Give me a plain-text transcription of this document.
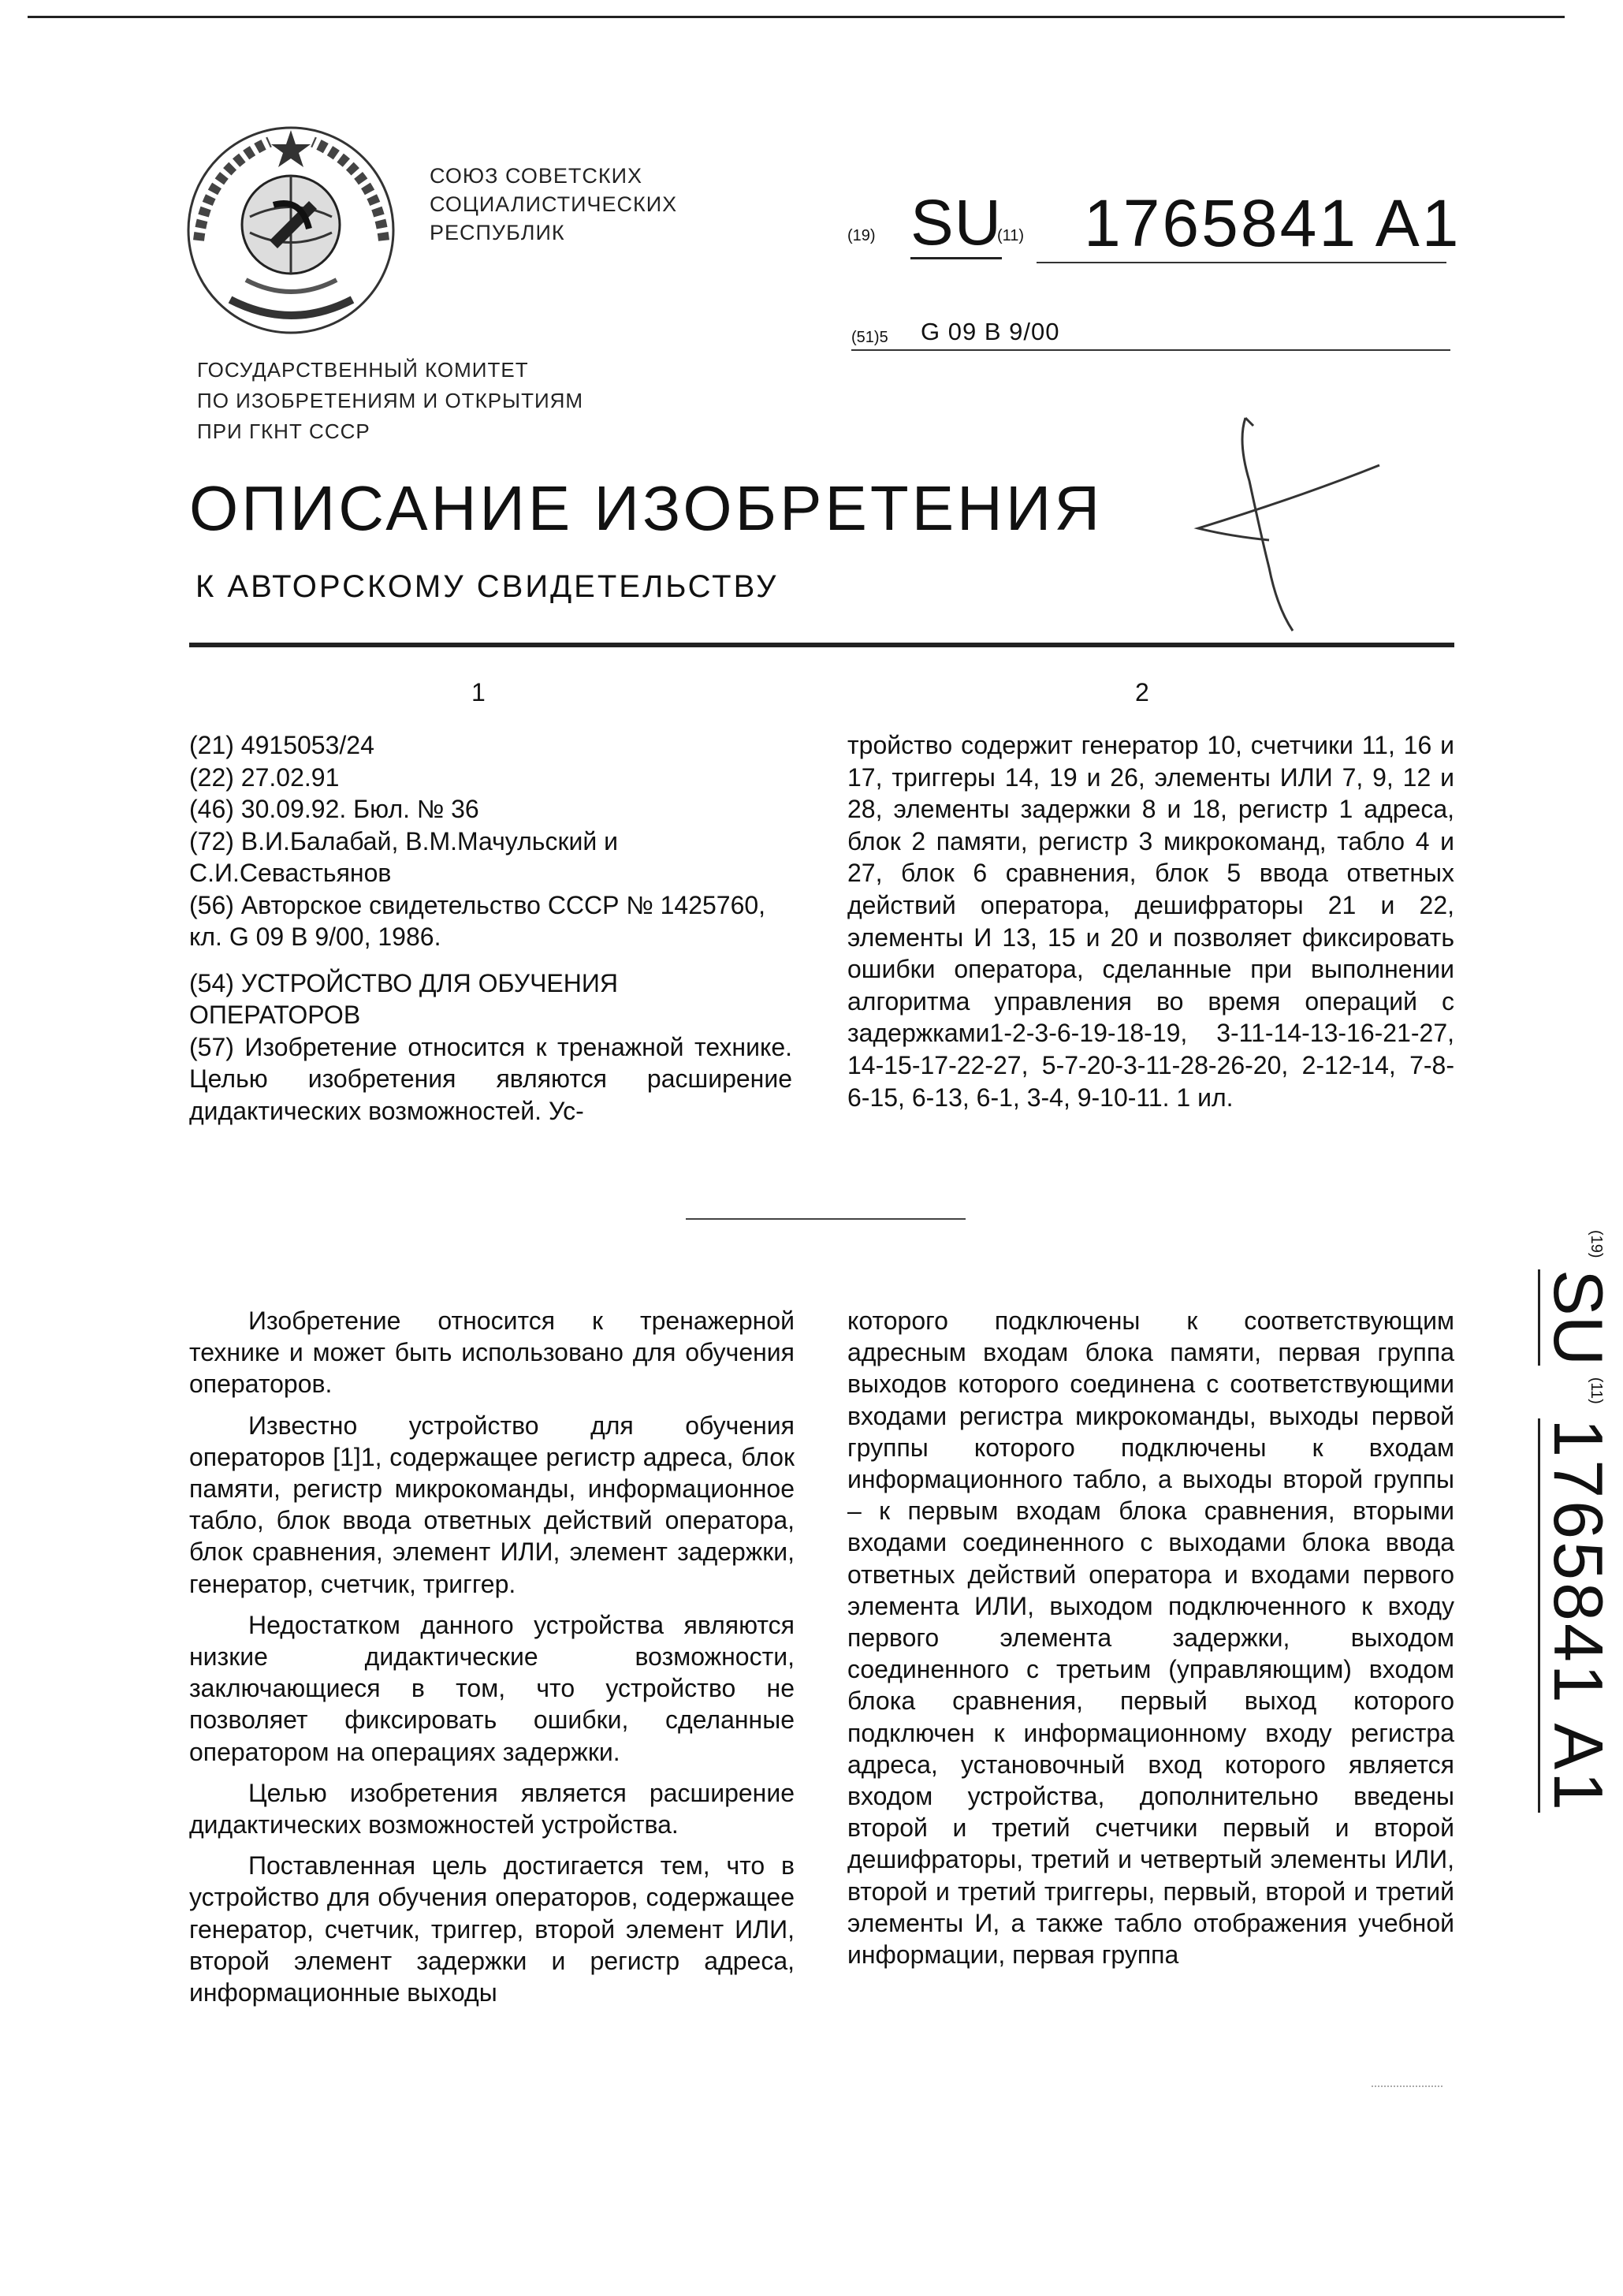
СОЮЗ СОВЕТСКИХ
СОЦИАЛИСТИЧЕСКИХ
РЕСПУБЛИК	(19) SU
(11) 1765841 A1
(51)5 G 09 B 9/00
ГОСУДАРСТВЕННЫЙ КОМИТЕТ
ПО ИЗОБРЕТЕНИЯМ И ОТКРЫТИЯМ
ПРИ ГКНТ СССР
ОПИСАНИЕ ИЗОБРЕТЕНИЯ
К АВТОРСКОМУ СВИДЕТЕЛЬСТВУ
1	2

(21) 4915053/24

(22) 27.02.91

(46) 30.09.92. Бюл. № 36

(72) В.И.Балабай, В.М.Мачульский и С.И.Севастьянов

(56) Авторское свидетельство СССР № 1425760, кл. G 09 B 9/00, 1986.

(54) УСТРОЙСТВО ДЛЯ ОБУЧЕНИЯ ОПЕРАТОРОВ

(57) Изобретение относится к тренажной технике. Целью изобретения являются расширение дидактических возможностей. Ус-

тройство содержит генератор 10, счетчики 11, 16 и 17, триггеры 14, 19 и 26, элементы ИЛИ 7, 9, 12 и 28, элементы задержки 8 и 18, регистр 1 адреса, блок 2 памяти, регистр 3 микрокоманд, табло 4 и 27, блок 6 сравнения, блок 5 ввода ответных действий оператора, дешифраторы 21 и 22, элементы И 13, 15 и 20 и позволяет фиксировать ошибки оператора, сделанные при выполнении алгоритма управления во время операций с задержками1-2-3-6-19-18-19, 3-11-14-13-16-21-27, 14-15-17-22-27, 5-7-20-3-11-28-26-20, 2-12-14, 7-8-6-15, 6-13, 6-1, 3-4, 9-10-11. 1 ил.

Изобретение относится к тренажерной технике и может быть использовано для обучения операторов.

Известно устройство для обучения операторов [1]1, содержащее регистр адреса, блок памяти, регистр микрокоманды, информационное табло, блок ввода ответных действий оператора, блок сравнения, элемент ИЛИ, элемент задержки, генератор, счетчик, триггер.

Недостатком данного устройства являются низкие дидактические возможности, заключающиеся в том, что устройство не позволяет фиксировать ошибки, сделанные оператором на операциях задержки.

Целью изобретения является расширение дидактических возможностей устройства.

Поставленная цель достигается тем, что в устройство для обучения операторов, содержащее генератор, счетчик, триггер, второй элемент ИЛИ, второй элемент задержки и регистр адреса, информационные выходы

которого подключены к соответствующим адресным входам блока памяти, первая группа выходов которого соединена с соответствующими входами регистра микрокоманды, выходы первой группы которого подключены к входам информационного табло, а выходы второй группы – к первым входам блока сравнения, вторыми входами соединенного с выходами блока ввода ответных действий оператора и входами первого элемента ИЛИ, выходом подключенного к входу первого элемента задержки, выходом соединенного с третьим (управляющим) входом блока сравнения, первый выход которого подключен к информационному входу регистра адреса, установочный вход которого является входом устройства, дополнительно введены второй и третий счетчики первый и второй дешифраторы, третий и четвертый элементы ИЛИ, второй и третий триггеры, первый, второй и третий элементы И, а также табло отображения учебной информации, первая группа
(19) SU (11) 1765841 A1
